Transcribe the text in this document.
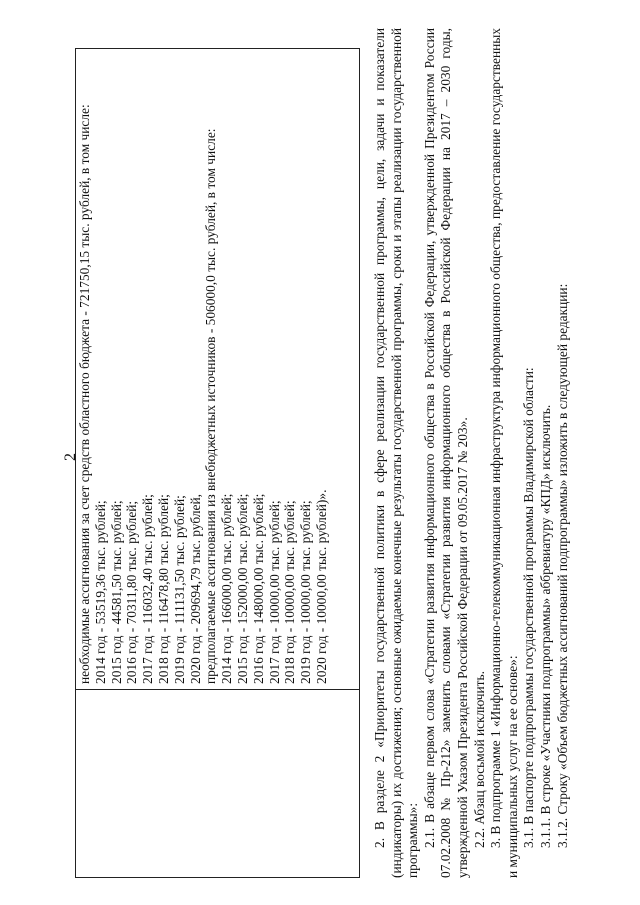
2
необходимые ассигнования за счет средств областного бюджета - 721750,15 тыс. рублей, в том числе: 2014 год - 53519,36 тыс. рублей; 2015 год - 44581,50 тыс. рублей; 2016 год - 70311,80 тыс. рублей; 2017 год - 116032,40 тыс. рублей; 2018 год - 116478,80 тыс. рублей; 2019 год - 111131,50 тыс. рублей; 2020 год - 209694,79 тыс. рублей, предполагаемые ассигнования из внебюджетных источников - 506000,0 тыс. рублей, в том числе: 2014 год - 166000,00 тыс. рублей; 2015 год - 152000,00 тыс. рублей; 2016 год - 148000,00 тыс. рублей; 2017 год - 10000,00 тыс. рублей; 2018 год - 10000,00 тыс. рублей; 2019 год - 10000,00 тыс. рублей; 2020 год - 10000,00 тыс. рублей)».	2. В разделе 2 «Приоритеты государственной политики в сфере реализации государственной программы, цели, задачи и показатели (индикаторы) их достижения; основные ожидаемые конечные результаты государственной программы, сроки и этапы реализации государственной программы»: 2.1. В абзаце первом слова «Стратегии развития информационного общества в Российской Федерации, утвержденной Президентом России 07.02.2008 № Пр-212» заменить словами «Стратегии развития информационного общества в Российской Федерации на 2017 – 2030 годы, утвержденной Указом Президента Российской Федерации от 09.05.2017 № 203». 2.2. Абзац восьмой исключить. 3. В подпрограмме 1 «Информационно-телекоммуникационная инфраструктура информационного общества, предоставление государственных и муниципальных услуг на ее основе»: 3.1. В паспорте подпрограммы государственной программы Владимирской области: 3.1.1. В строке «Участники подпрограммы» аббревиатуру «КПД» исключить. 3.1.2. Строку «Объем бюджетных ассигнований подпрограммы» изложить в следующей редакции:
